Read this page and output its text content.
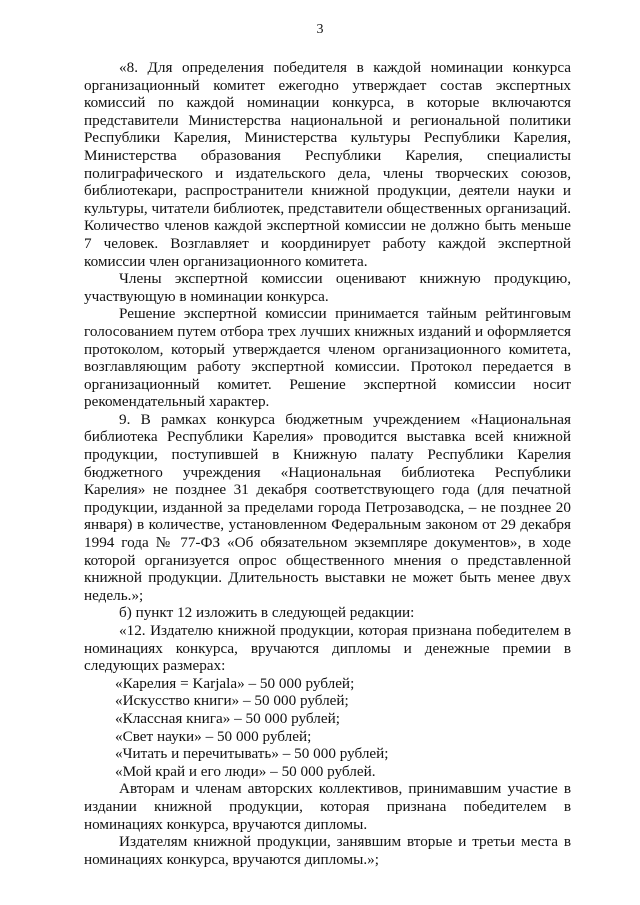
3

«8. Для определения победителя в каждой номинации конкурса организационный комитет ежегодно утверждает состав экспертных комиссий по каждой номинации конкурса, в которые включаются представители Министерства национальной и региональной политики Республики Карелия, Министерства культуры Республики Карелия, Министерства образования Республики Карелия, специалисты полиграфического и издательского дела, члены творческих союзов, библиотекари, распространители книжной продукции, деятели науки и культуры, читатели библиотек, представители общественных организаций. Количество членов каждой экспертной комиссии не должно быть меньше 7 человек. Возглавляет и координирует работу каждой экспертной комиссии член организационного комитета.

Члены экспертной комиссии оценивают книжную продукцию, участвующую в номинации конкурса.

Решение экспертной комиссии принимается тайным рейтинговым голосованием путем отбора трех лучших книжных изданий и оформляется протоколом, который утверждается членом организационного комитета, возглавляющим работу экспертной комиссии. Протокол передается в организационный комитет. Решение экспертной комиссии носит рекомендательный характер.

9. В рамках конкурса бюджетным учреждением «Национальная библиотека Республики Карелия» проводится выставка всей книжной продукции, поступившей в Книжную палату Республики Карелия бюджетного учреждения «Национальная библиотека Республики Карелия» не позднее 31 декабря соответствующего года (для печатной продукции, изданной за пределами города Петрозаводска, – не позднее 20 января) в количестве, установленном Федеральным законом от 29 декабря 1994 года № 77-ФЗ «Об обязательном экземпляре документов», в ходе которой организуется опрос общественного мнения о представленной книжной продукции. Длительность выставки не может быть менее двух недель.»;

б) пункт 12 изложить в следующей редакции:

«12. Издателю книжной продукции, которая признана победителем в номинациях конкурса, вручаются дипломы и денежные премии в следующих размерах:

«Карелия = Karjala» – 50 000 рублей;
«Искусство книги» – 50 000 рублей;
«Классная книга» – 50 000 рублей;
«Свет науки» – 50 000 рублей;
«Читать и перечитывать» – 50 000 рублей;
«Мой край и его люди» – 50 000 рублей.

Авторам и членам авторских коллективов, принимавшим участие в издании книжной продукции, которая признана победителем в номинациях конкурса, вручаются дипломы.

Издателям книжной продукции, занявшим вторые и третьи места в номинациях конкурса, вручаются дипломы.»;
